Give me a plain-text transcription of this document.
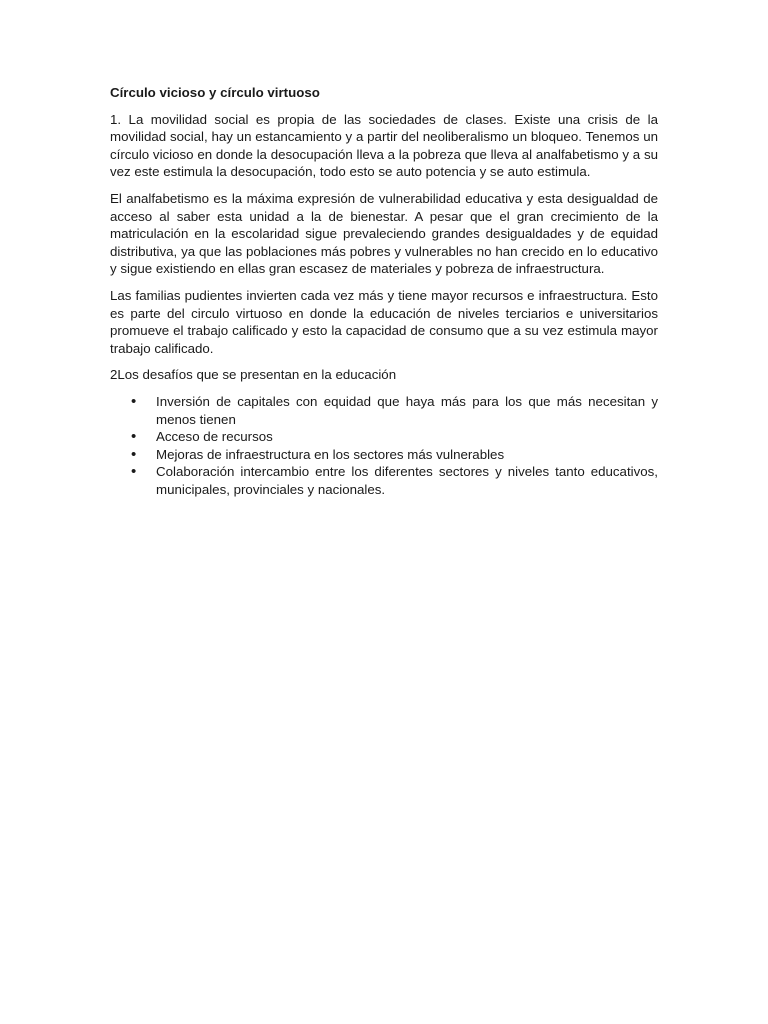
Círculo vicioso y círculo virtuoso

1. La movilidad social es propia de las sociedades de clases. Existe una crisis de la movilidad social, hay un estancamiento y a partir del neoliberalismo un bloqueo. Tenemos un círculo vicioso en donde la desocupación lleva a la pobreza que lleva al analfabetismo y a su vez este estimula la desocupación, todo esto se auto potencia y se auto estimula.

El analfabetismo es la máxima expresión de vulnerabilidad educativa y esta desigualdad de acceso al saber esta unidad a la de bienestar. A pesar que el gran crecimiento de la matriculación en la escolaridad sigue prevaleciendo grandes desigualdades y de equidad distributiva, ya que las poblaciones más pobres y vulnerables no han crecido en lo educativo y sigue existiendo en ellas gran escasez de materiales y pobreza de infraestructura.

Las familias pudientes invierten cada vez más y tiene mayor recursos e infraestructura. Esto es parte del circulo virtuoso en donde la educación de niveles terciarios e universitarios promueve el trabajo calificado y esto la capacidad de consumo que a su vez estimula mayor trabajo calificado.

2Los desafíos que se presentan en la educación

• Inversión de capitales con equidad que haya más para los que más necesitan y menos tienen
• Acceso de recursos
• Mejoras de infraestructura en los sectores más vulnerables
• Colaboración intercambio entre los diferentes sectores y niveles tanto educativos, municipales, provinciales y nacionales.
